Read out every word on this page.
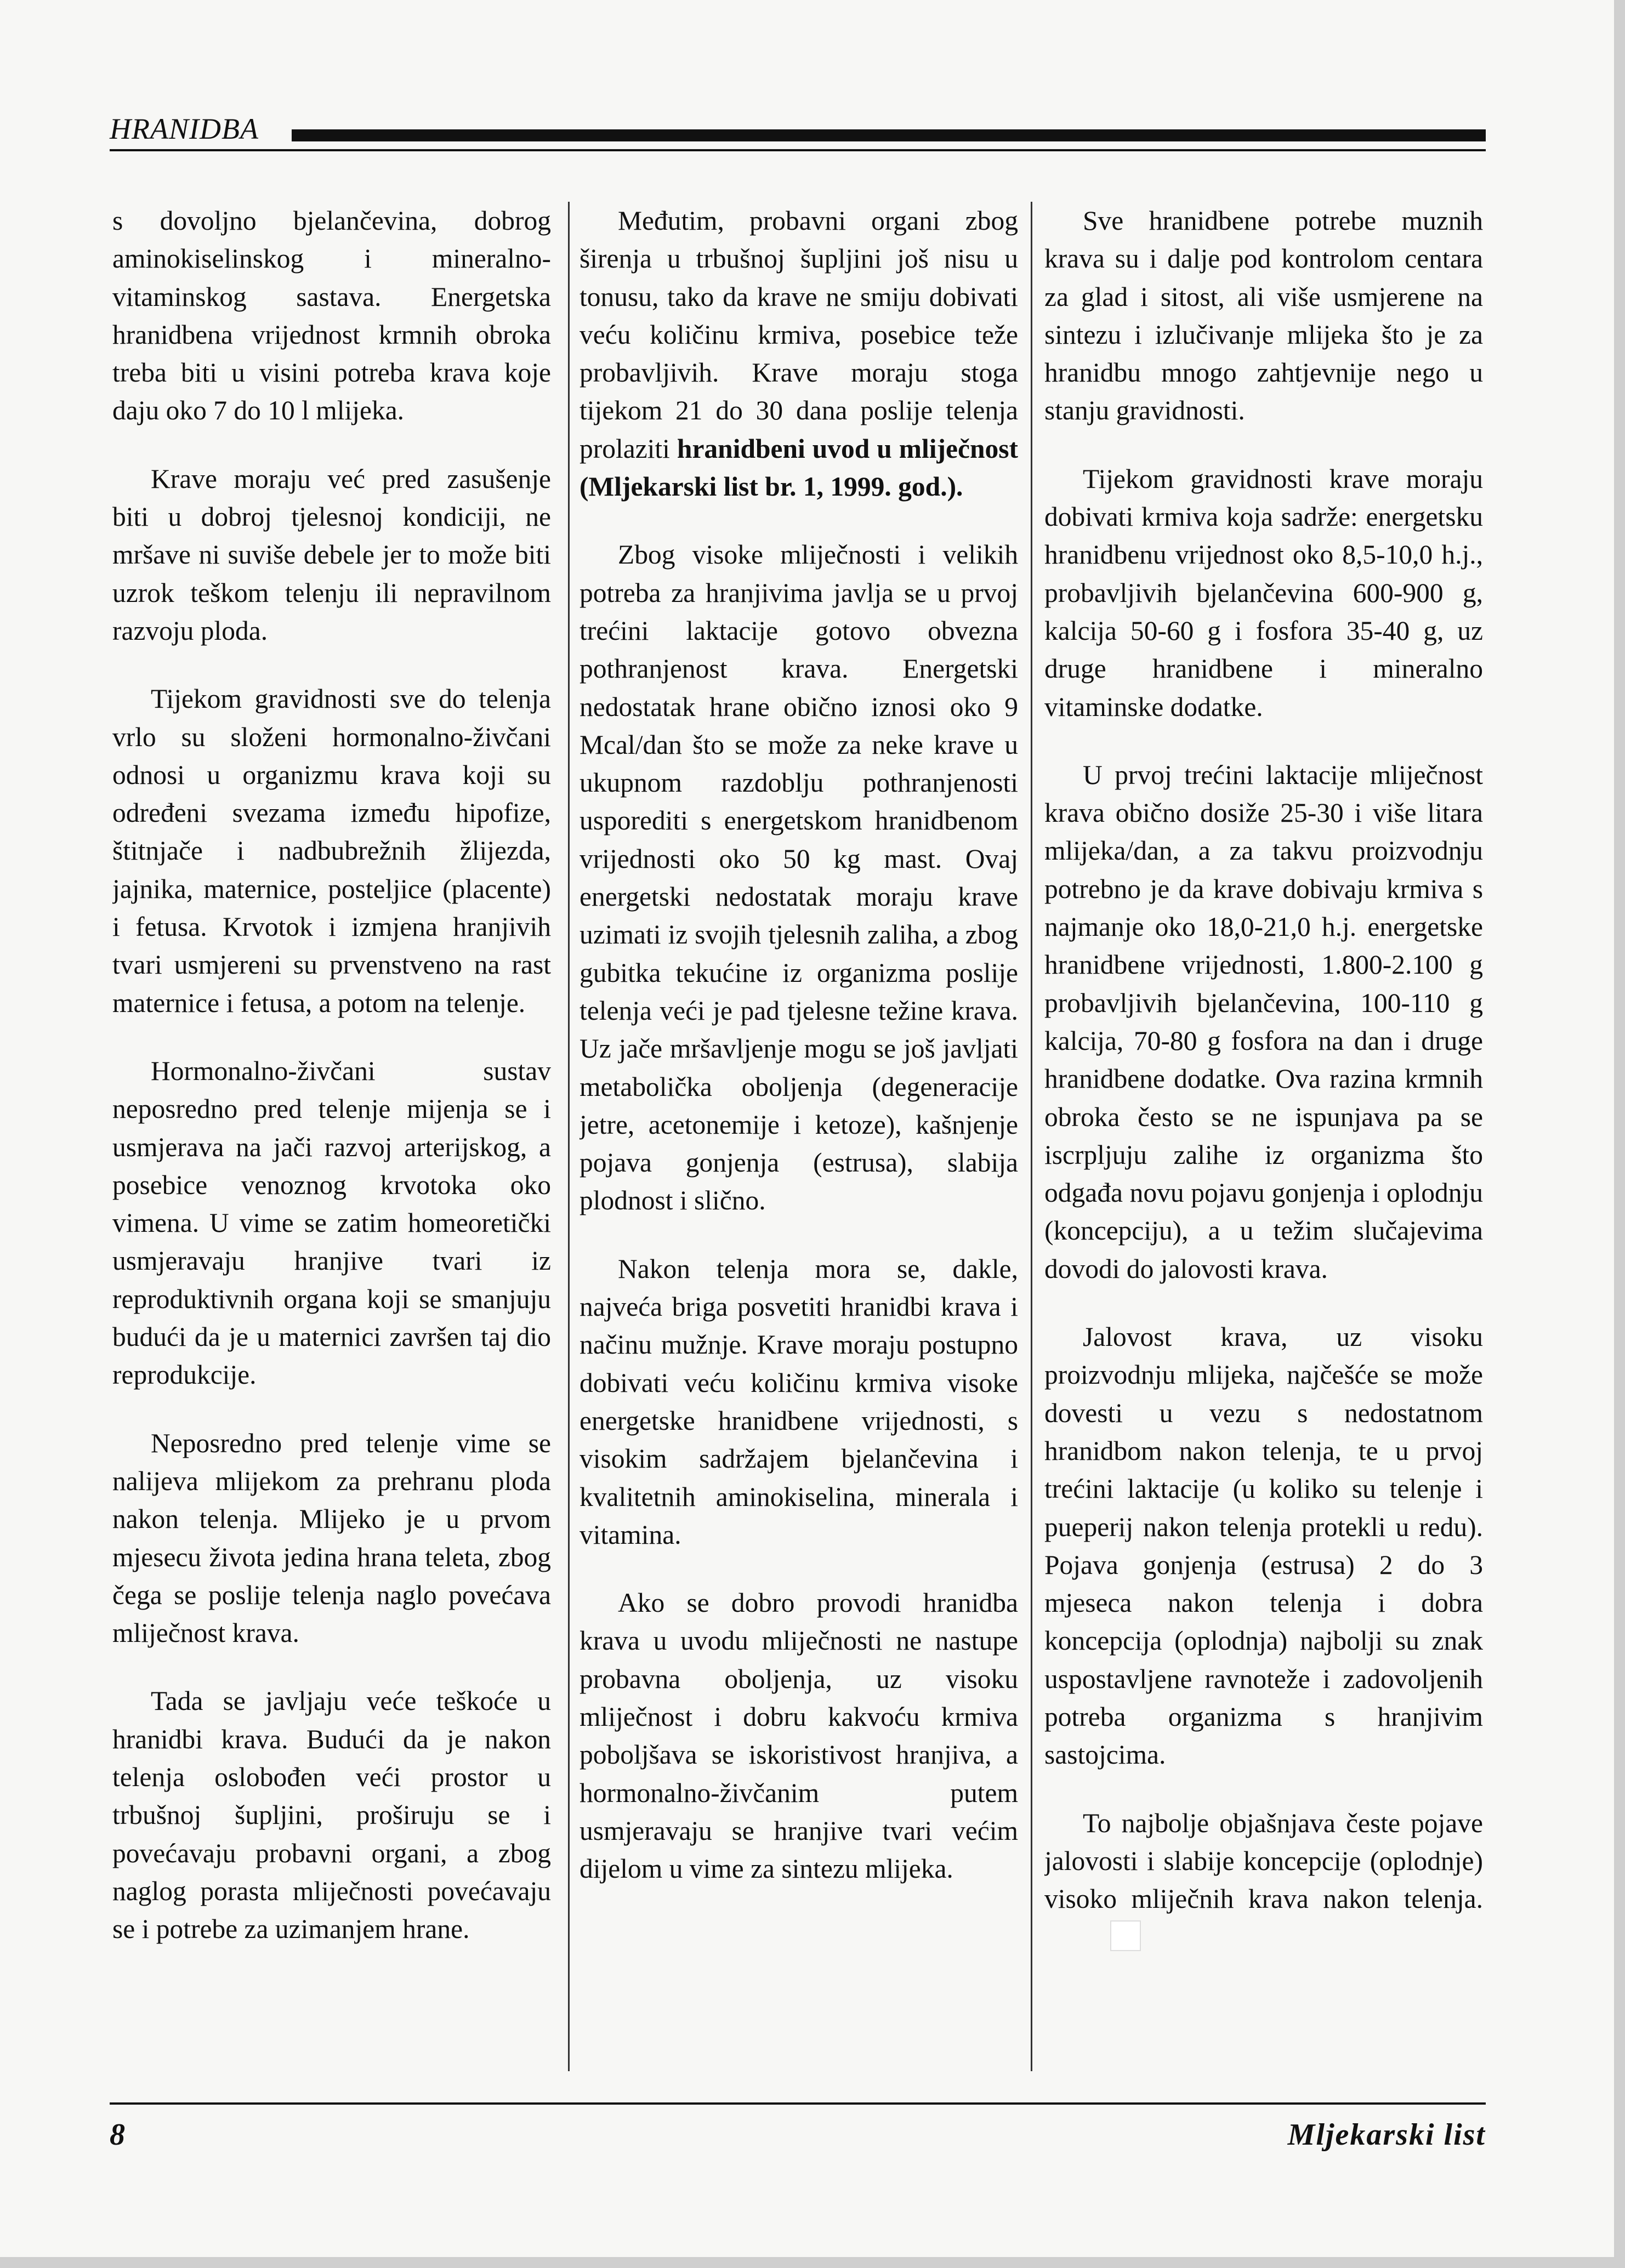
HRANIDBA

s dovoljno bjelančevina, dobrog aminokiselinskog i mineralno-vitaminskog sastava. Energetska hranidbena vrijednost krmnih obroka treba biti u visini potreba krava koje daju oko 7 do 10 l mlijeka.

Krave moraju već pred zasušenje biti u dobroj tjelesnoj kondiciji, ne mršave ni suviše debele jer to može biti uzrok teškom telenju ili nepravilnom razvoju ploda.

Tijekom gravidnosti sve do telenja vrlo su složeni hormonalno-živčani odnosi u organizmu krava koji su određeni svezama između hipofize, štitnjače i nadbubrežnih žlijezda, jajnika, maternice, posteljice (placente) i fetusa. Krvotok i izmjena hranjivih tvari usmjereni su prvenstveno na rast maternice i fetusa, a potom na telenje.

Hormonalno-živčani sustav neposredno pred telenje mijenja se i usmjerava na jači razvoj arterijskog, a posebice venoznog krvotoka oko vimena. U vime se zatim homeoretički usmjeravaju hranjive tvari iz reproduktivnih organa koji se smanjuju budući da je u maternici završen taj dio reprodukcije.

Neposredno pred telenje vime se nalijeva mlijekom za prehranu ploda nakon telenja. Mlijeko je u prvom mjesecu života jedina hrana teleta, zbog čega se poslije telenja naglo povećava mliječnost krava.

Tada se javljaju veće teškoće u hranidbi krava. Budući da je nakon telenja oslobođen veći prostor u trbušnoj šupljini, proširuju se i povećavaju probavni organi, a zbog naglog porasta mliječnosti povećavaju se i potrebe za uzimanjem hrane.

Međutim, probavni organi zbog širenja u trbušnoj šupljini još nisu u tonusu, tako da krave ne smiju dobivati veću količinu krmiva, posebice teže probavljivih. Krave moraju stoga tijekom 21 do 30 dana poslije telenja prolaziti hranidbeni uvod u mliječnost (Mljekarski list br. 1, 1999. god.).

Zbog visoke mliječnosti i velikih potreba za hranjivima javlja se u prvoj trećini laktacije gotovo obvezna pothranjenost krava. Energetski nedostatak hrane obično iznosi oko 9 Mcal/dan što se može za neke krave u ukupnom razdoblju pothranjenosti usporediti s energetskom hranidbenom vrijednosti oko 50 kg mast. Ovaj energetski nedostatak moraju krave uzimati iz svojih tjelesnih zaliha, a zbog gubitka tekućine iz organizma poslije telenja veći je pad tjelesne težine krava. Uz jače mršavljenje mogu se još javljati metabolička oboljenja (degeneracije jetre, acetonemije i ketoze), kašnjenje pojava gonjenja (estrusa), slabija plodnost i slično.

Nakon telenja mora se, dakle, najveća briga posvetiti hranidbi krava i načinu mužnje. Krave moraju postupno dobivati veću količinu krmiva visoke energetske hranidbene vrijednosti, s visokim sadržajem bjelančevina i kvalitetnih aminokiselina, minerala i vitamina.

Ako se dobro provodi hranidba krava u uvodu mliječnosti ne nastupe probavna oboljenja, uz visoku mliječnost i dobru kakvoću krmiva poboljšava se iskoristivost hranjiva, a hormonalno-živčanim putem usmjeravaju se hranjive tvari većim dijelom u vime za sintezu mlijeka.

Sve hranidbene potrebe muznih krava su i dalje pod kontrolom centara za glad i sitost, ali više usmjerene na sintezu i izlučivanje mlijeka što je za hranidbu mnogo zahtjevnije nego u stanju gravidnosti.

Tijekom gravidnosti krave moraju dobivati krmiva koja sadrže: energetsku hranidbenu vrijednost oko 8,5-10,0 h.j., probavljivih bjelančevina 600-900 g, kalcija 50-60 g i fosfora 35-40 g, uz druge hranidbene i mineralno vitaminske dodatke.

U prvoj trećini laktacije mliječnost krava obično dosiže 25-30 i više litara mlijeka/dan, a za takvu proizvodnju potrebno je da krave dobivaju krmiva s najmanje oko 18,0-21,0 h.j. energetske hranidbene vrijednosti, 1.800-2.100 g probavljivih bjelančevina, 100-110 g kalcija, 70-80 g fosfora na dan i druge hranidbene dodatke. Ova razina krmnih obroka često se ne ispunjava pa se iscrpljuju zalihe iz organizma što odgađa novu pojavu gonjenja i oplodnju (koncepciju), a u težim slučajevima dovodi do jalovosti krava.

Jalovost krava, uz visoku proizvodnju mlijeka, najčešće se može dovesti u vezu s nedostatnom hranidbom nakon telenja, te u prvoj trećini laktacije (u koliko su telenje i pueperij nakon telenja protekli u redu). Pojava gonjenja (estrusa) 2 do 3 mjeseca nakon telenja i dobra koncepcija (oplodnja) najbolji su znak uspostavljene ravnoteže i zadovoljenih potreba organizma s hranjivim sastojcima.

To najbolje objašnjava česte pojave jalovosti i slabije koncepcije (oplodnje) visoko mliječnih krava nakon telenja.

8	Mljekarski list
